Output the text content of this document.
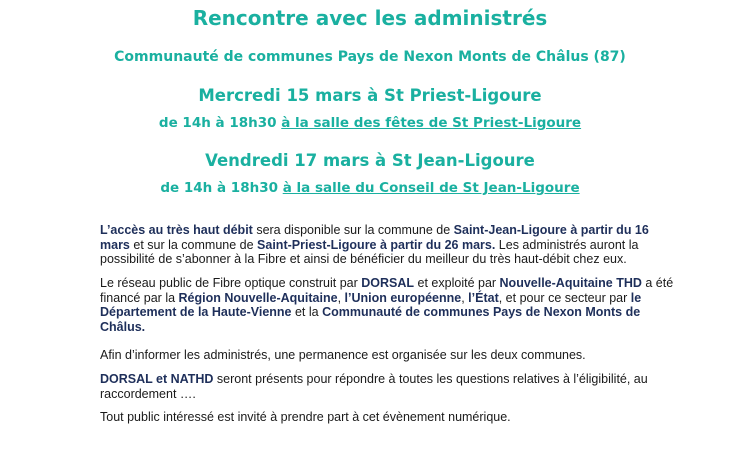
Rencontre avec les administrés
Communauté de communes Pays de Nexon Monts de Châlus (87)
Mercredi 15 mars à St Priest-Ligoure
de 14h à 18h30 à la salle des fêtes de St Priest-Ligoure
Vendredi 17 mars à St Jean-Ligoure
de 14h à 18h30 à la salle du Conseil de St Jean-Ligoure

L’accès au très haut débit sera disponible sur la commune de Saint-Jean-Ligoure à partir du 16 mars et sur la commune de Saint-Priest-Ligoure à partir du 26 mars. Les administrés auront la possibilité de s’abonner à la Fibre et ainsi de bénéficier du meilleur du très haut-débit chez eux.

Le réseau public de Fibre optique construit par DORSAL et exploité par Nouvelle-Aquitaine THD a été financé par la Région Nouvelle-Aquitaine, l’Union européenne, l’État, et pour ce secteur par le Département de la Haute-Vienne et la Communauté de communes Pays de Nexon Monts de Châlus.

Afin d’informer les administrés, une permanence est organisée sur les deux communes.

DORSAL et NATHD seront présents pour répondre à toutes les questions relatives à l’éligibilité, au raccordement ….

Tout public intéressé est invité à prendre part à cet évènement numérique.
